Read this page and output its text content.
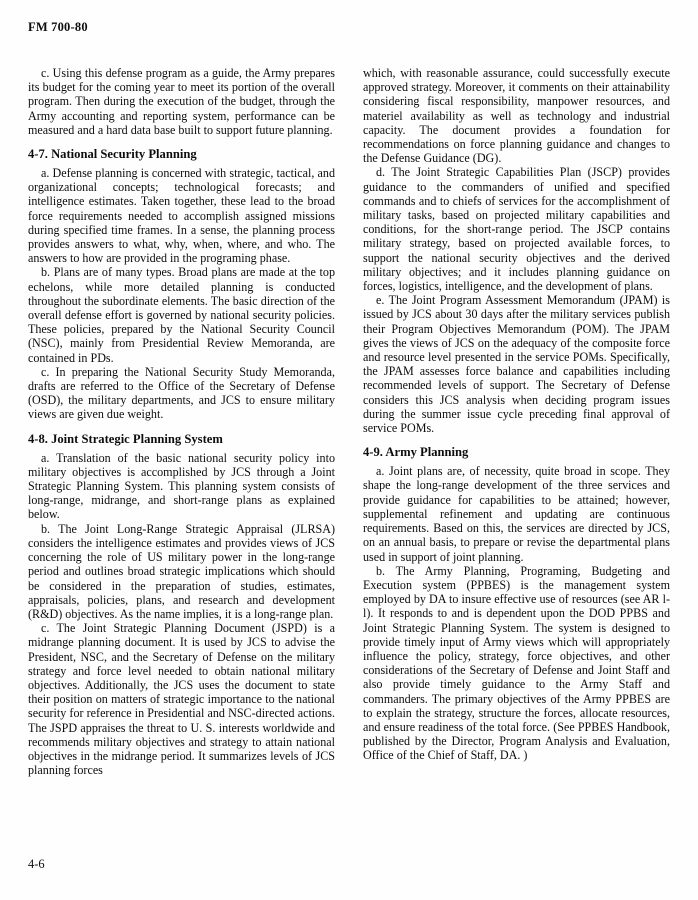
FM 700-80

c. Using this defense program as a guide, the Army prepares its budget for the coming year to meet its portion of the overall program. Then during the execution of the budget, through the Army accounting and reporting system, performance can be measured and a hard data base built to support future planning.

4-7. National Security Planning

a. Defense planning is concerned with strategic, tactical, and organizational concepts; technological forecasts; and intelligence estimates. Taken together, these lead to the broad force requirements needed to accomplish assigned missions during specified time frames. In a sense, the planning process provides answers to what, why, when, where, and who. The answers to how are provided in the programing phase.

b. Plans are of many types. Broad plans are made at the top echelons, while more detailed planning is conducted throughout the subordinate elements. The basic direction of the overall defense effort is governed by national security policies. These policies, prepared by the National Security Council (NSC), mainly from Presidential Review Memoranda, are contained in PDs.

c. In preparing the National Security Study Memoranda, drafts are referred to the Office of the Secretary of Defense (OSD), the military departments, and JCS to ensure military views are given due weight.

4-8. Joint Strategic Planning System

a. Translation of the basic national security policy into military objectives is accomplished by JCS through a Joint Strategic Planning System. This planning system consists of long-range, midrange, and short-range plans as explained below.

b. The Joint Long-Range Strategic Appraisal (JLRSA) considers the intelligence estimates and provides views of JCS concerning the role of US military power in the long-range period and outlines broad strategic implications which should be considered in the preparation of studies, estimates, appraisals, policies, plans, and research and development (R&D) objectives. As the name implies, it is a long-range plan.

c. The Joint Strategic Planning Document (JSPD) is a midrange planning document. It is used by JCS to advise the President, NSC, and the Secretary of Defense on the military strategy and force level needed to obtain national military objectives. Additionally, the JCS uses the document to state their position on matters of strategic importance to the national security for reference in Presidential and NSC-directed actions. The JSPD appraises the threat to U. S. interests worldwide and recommends military objectives and strategy to attain national objectives in the midrange period. It summarizes levels of JCS planning forces

which, with reasonable assurance, could successfully execute approved strategy. Moreover, it comments on their attainability considering fiscal responsibility, manpower resources, and materiel availability as well as technology and industrial capacity. The document provides a foundation for recommendations on force planning guidance and changes to the Defense Guidance (DG).

d. The Joint Strategic Capabilities Plan (JSCP) provides guidance to the commanders of unified and specified commands and to chiefs of services for the accomplishment of military tasks, based on projected military capabilities and conditions, for the short-range period. The JSCP contains military strategy, based on projected available forces, to support the national security objectives and the derived military objectives; and it includes planning guidance on forces, logistics, intelligence, and the development of plans.

e. The Joint Program Assessment Memorandum (JPAM) is issued by JCS about 30 days after the military services publish their Program Objectives Memorandum (POM). The JPAM gives the views of JCS on the adequacy of the composite force and resource level presented in the service POMs. Specifically, the JPAM assesses force balance and capabilities including recommended levels of support. The Secretary of Defense considers this JCS analysis when deciding program issues during the summer issue cycle preceding final approval of service POMs.

4-9. Army Planning

a. Joint plans are, of necessity, quite broad in scope. They shape the long-range development of the three services and provide guidance for capabilities to be attained; however, supplemental refinement and updating are continuous requirements. Based on this, the services are directed by JCS, on an annual basis, to prepare or revise the departmental plans used in support of joint planning.

b. The Army Planning, Programing, Budgeting and Execution system (PPBES) is the management system employed by DA to insure effective use of resources (see AR l-l). It responds to and is dependent upon the DOD PPBS and Joint Strategic Planning System. The system is designed to provide timely input of Army views which will appropriately influence the policy, strategy, force objectives, and other considerations of the Secretary of Defense and Joint Staff and also provide timely guidance to the Army Staff and commanders. The primary objectives of the Army PPBES are to explain the strategy, structure the forces, allocate resources, and ensure readiness of the total force. (See PPBES Handbook, published by the Director, Program Analysis and Evaluation, Office of the Chief of Staff, DA. )

4-6
